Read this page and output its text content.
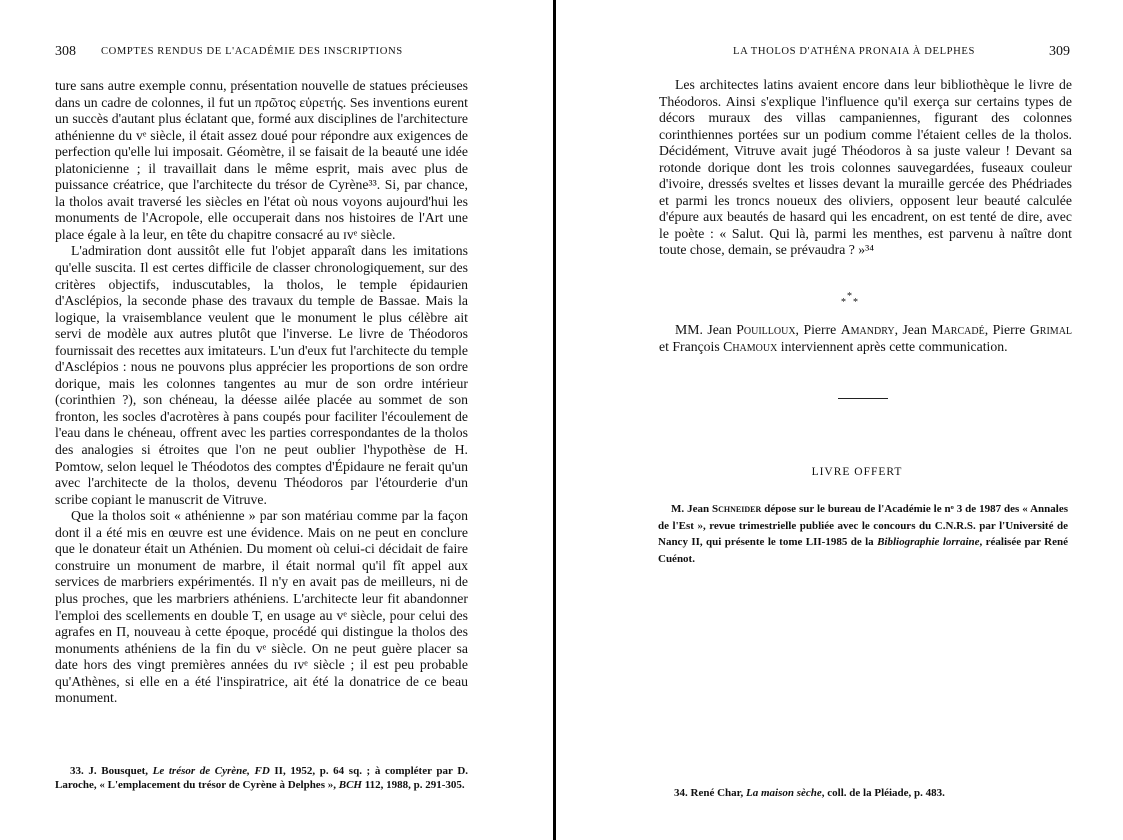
308 COMPTES RENDUS DE L'ACADÉMIE DES INSCRIPTIONS

ture sans autre exemple connu, présentation nouvelle de statues précieuses dans un cadre de colonnes, il fut un πρῶτος εὑρετής. Ses inventions eurent un succès d'autant plus éclatant que, formé aux disciplines de l'architecture athénienne du vᵉ siècle, il était assez doué pour répondre aux exigences de perfection qu'elle lui imposait. Géomètre, il se faisait de la beauté une idée platonicienne ; il travaillait dans le même esprit, mais avec plus de puissance créatrice, que l'architecte du trésor de Cyrène³³. Si, par chance, la tholos avait traversé les siècles en l'état où nous voyons aujourd'hui les monuments de l'Acropole, elle occuperait dans nos histoires de l'Art une place égale à la leur, en tête du chapitre consacré au ɪvᵉ siècle.

L'admiration dont aussitôt elle fut l'objet apparaît dans les imitations qu'elle suscita. Il est certes difficile de classer chronologiquement, sur des critères objectifs, induscutables, la tholos, le temple épidaurien d'Asclépios, la seconde phase des travaux du temple de Bassae. Mais la logique, la vraisemblance veulent que le monument le plus célèbre ait servi de modèle aux autres plutôt que l'inverse. Le livre de Théodoros fournissait des recettes aux imitateurs. L'un d'eux fut l'architecte du temple d'Asclépios : nous ne pouvons plus apprécier les proportions de son ordre dorique, mais les colonnes tangentes au mur de son ordre intérieur (corinthien ?), son chéneau, la déesse ailée placée au sommet de son fronton, les socles d'acrotères à pans coupés pour faciliter l'écoulement de l'eau dans le chéneau, offrent avec les parties correspondantes de la tholos des analogies si étroites que l'on ne peut oublier l'hypothèse de H. Pomtow, selon lequel le Théodotos des comptes d'Épidaure ne ferait qu'un avec l'architecte de la tholos, devenu Théodoros par l'étourderie d'un scribe copiant le manuscrit de Vitruve.

Que la tholos soit « athénienne » par son matériau comme par la façon dont il a été mis en œuvre est une évidence. Mais on ne peut en conclure que le donateur était un Athénien. Du moment où celui-ci décidait de faire construire un monument de marbre, il était normal qu'il fît appel aux services de marbriers expérimentés. Il n'y en avait pas de meilleurs, ni de plus proches, que les marbriers athéniens. L'architecte leur fit abandonner l'emploi des scellements en double T, en usage au vᵉ siècle, pour celui des agrafes en Π, nouveau à cette époque, procédé qui distingue la tholos des monuments athéniens de la fin du vᵉ siècle. On ne peut guère placer sa date hors des vingt premières années du ɪvᵉ siècle ; il est peu probable qu'Athènes, si elle en a été l'inspiratrice, ait été la donatrice de ce beau monument.

33. J. Bousquet, Le trésor de Cyrène, FD II, 1952, p. 64 sq. ; à compléter par D. Laroche, « L'emplacement du trésor de Cyrène à Delphes », BCH 112, 1988, p. 291-305.
LA THOLOS D'ATHÉNA PRONAIA À DELPHES	309

Les architectes latins avaient encore dans leur bibliothèque le livre de Théodoros. Ainsi s'explique l'influence qu'il exerça sur certains types de décors muraux des villas campaniennes, figurant des colonnes corinthiennes portées sur un podium comme l'étaient celles de la tholos. Décidément, Vitruve avait jugé Théodoros à sa juste valeur ! Devant sa rotonde dorique dont les trois colonnes sauvegardées, fuseaux couleur d'ivoire, dressés sveltes et lisses devant la muraille gercée des Phédriades et parmi les troncs noueux des oliviers, opposent leur beauté calculée d'épure aux beautés de hasard qui les encadrent, on est tenté de dire, avec le poète : « Salut. Qui là, parmi les menthes, est parvenu à naître dont toute chose, demain, se prévaudra ? »³⁴

*
* *

MM. Jean Pouilloux, Pierre Amandry, Jean Marcadé, Pierre Grimal et François Chamoux interviennent après cette communication.

LIVRE OFFERT
M. Jean Schneider dépose sur le bureau de l'Académie le nᵒ 3 de 1987 des « Annales de l'Est », revue trimestrielle publiée avec le concours du C.N.R.S. par l'Université de Nancy II, qui présente le tome LII-1985 de la Bibliographie lorraine, réalisée par René Cuénot.
34. René Char, La maison sèche, coll. de la Pléiade, p. 483.
